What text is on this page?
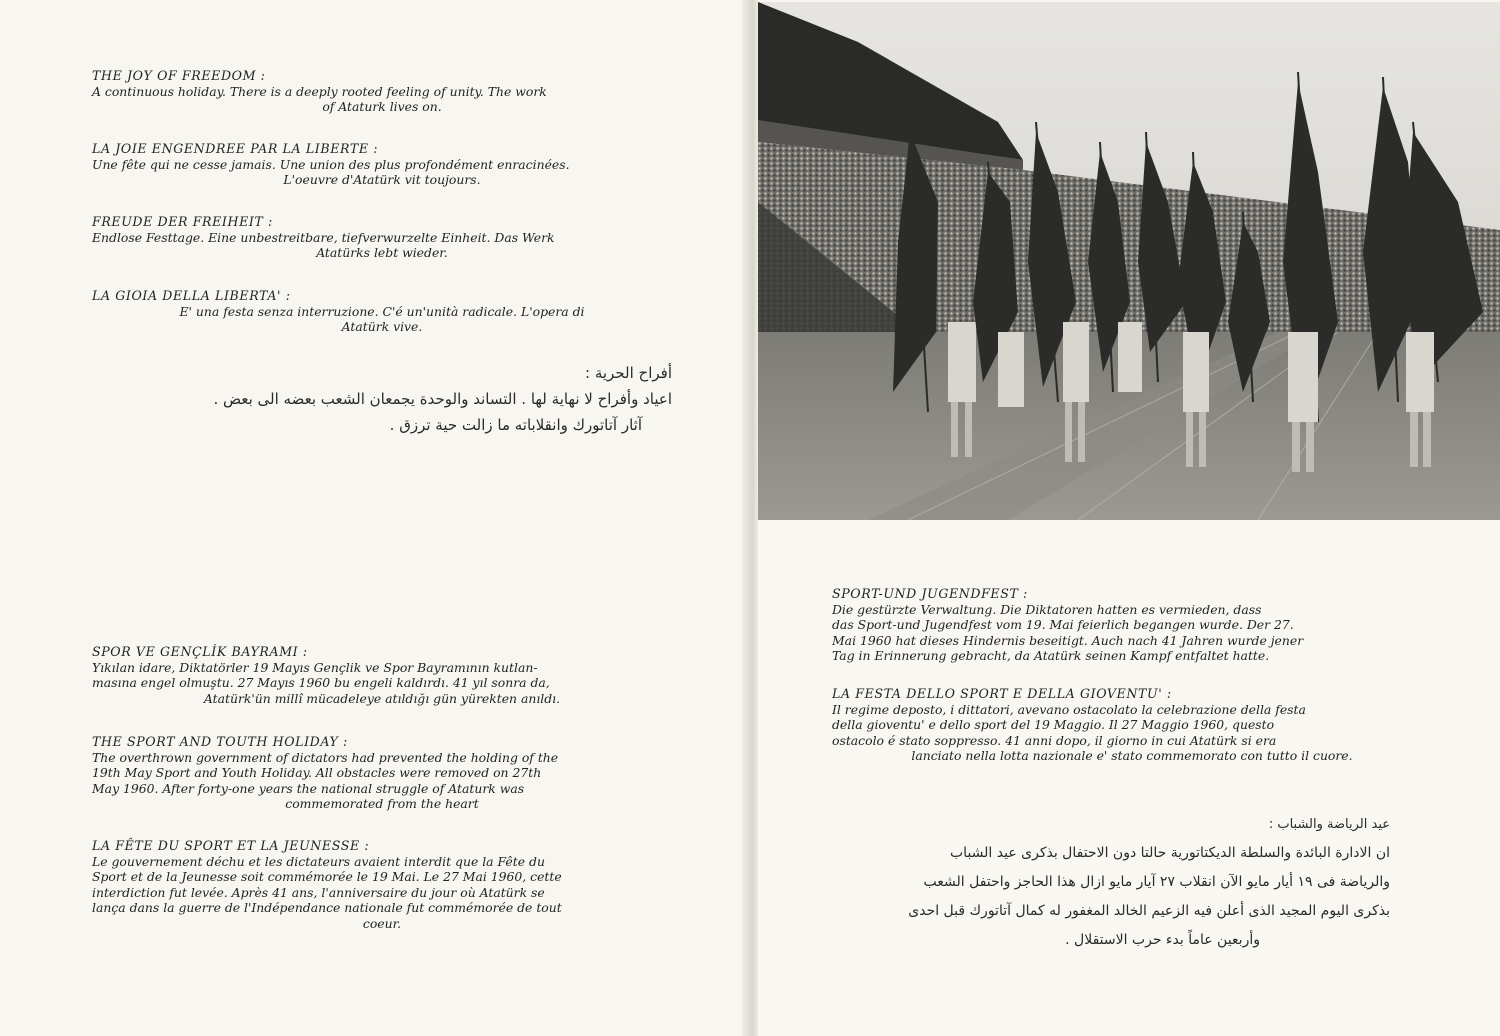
THE JOY OF FREEDOM :
A continuous holiday. There is a deeply rooted feeling of unity. The work
of Ataturk lives on.
LA JOIE ENGENDREE PAR LA LIBERTE :
Une fête qui ne cesse jamais. Une union des plus profondément enracinées.
L'oeuvre d'Atatürk vit toujours.
FREUDE DER FREIHEIT :
Endlose Festtage. Eine unbestreitbare, tiefverwurzelte Einheit. Das Werk
Atatürks lebt wieder.
LA GIOIA DELLA LIBERTA' :
E' una festa senza interruzione. C'é un'unità radicale. L'opera di
Atatürk vive.
أفراح الحرية :
اعياد وأفراح لا نهاية لها . التساند والوحدة يجمعان الشعب بعضه الى بعض .
آثار آتاتورك وانقلاباته ما زالت حية ترزق .
SPOR VE GENÇLİK BAYRAMI :
Yıkılan idare, Diktatörler 19 Mayıs Gençlik ve Spor Bayramının kutlan-
masına engel olmuştu. 27 Mayıs 1960 bu engeli kaldırdı. 41 yıl sonra da,
Atatürk'ün millî mücadeleye atıldığı gün yürekten anıldı.
THE SPORT AND TOUTH HOLIDAY :
The overthrown government of dictators had prevented the holding of the
19th May Sport and Youth Holiday. All obstacles were removed on 27th
May 1960. After forty-one years the national struggle of Ataturk was
commemorated from the heart
LA FÊTE DU SPORT ET LA JEUNESSE :
Le gouvernement déchu et les dictateurs avaient interdit que la Fête du
Sport et de la Jeunesse soit commémorée le 19 Mai. Le 27 Mai 1960, cette
interdiction fut levée. Après 41 ans, l'anniversaire du jour où Atatürk se
lança dans la guerre de l'Indépendance nationale fut commémorée de tout
coeur.
SPORT-UND JUGENDFEST :
Die gestürzte Verwaltung. Die Diktatoren hatten es vermieden, dass
das Sport-und Jugendfest vom 19. Mai feierlich begangen wurde. Der 27.
Mai 1960 hat dieses Hindernis beseitigt. Auch nach 41 Jahren wurde jener
Tag in Erinnerung gebracht, da Atatürk seinen Kampf entfaltet hatte.
LA FESTA DELLO SPORT E DELLA GIOVENTU' :
Il regime deposto, i dittatori, avevano ostacolato la celebrazione della festa
della gioventu' e dello sport del 19 Maggio. Il 27 Maggio 1960, questo
ostacolo é stato soppresso. 41 anni dopo, il giorno in cui Atatürk si era
lanciato nella lotta nazionale e' stato commemorato con tutto il cuore.
عيد الرياضة والشباب :
ان الادارة البائدة والسلطة الديكتاتورية حالتا دون الاحتفال بذكرى عيد الشباب
والرياضة فى ١٩ أيار مايو الآن انقلاب ٢٧ آيار مايو ازال هذا الحاجز واحتفل الشعب
بذكرى اليوم المجيد الذى أعلن فيه الزعيم الخالد المغفور له كمال آتاتورك قبل احدى
وأربعين عاماً بدء حرب الاستقلال .
